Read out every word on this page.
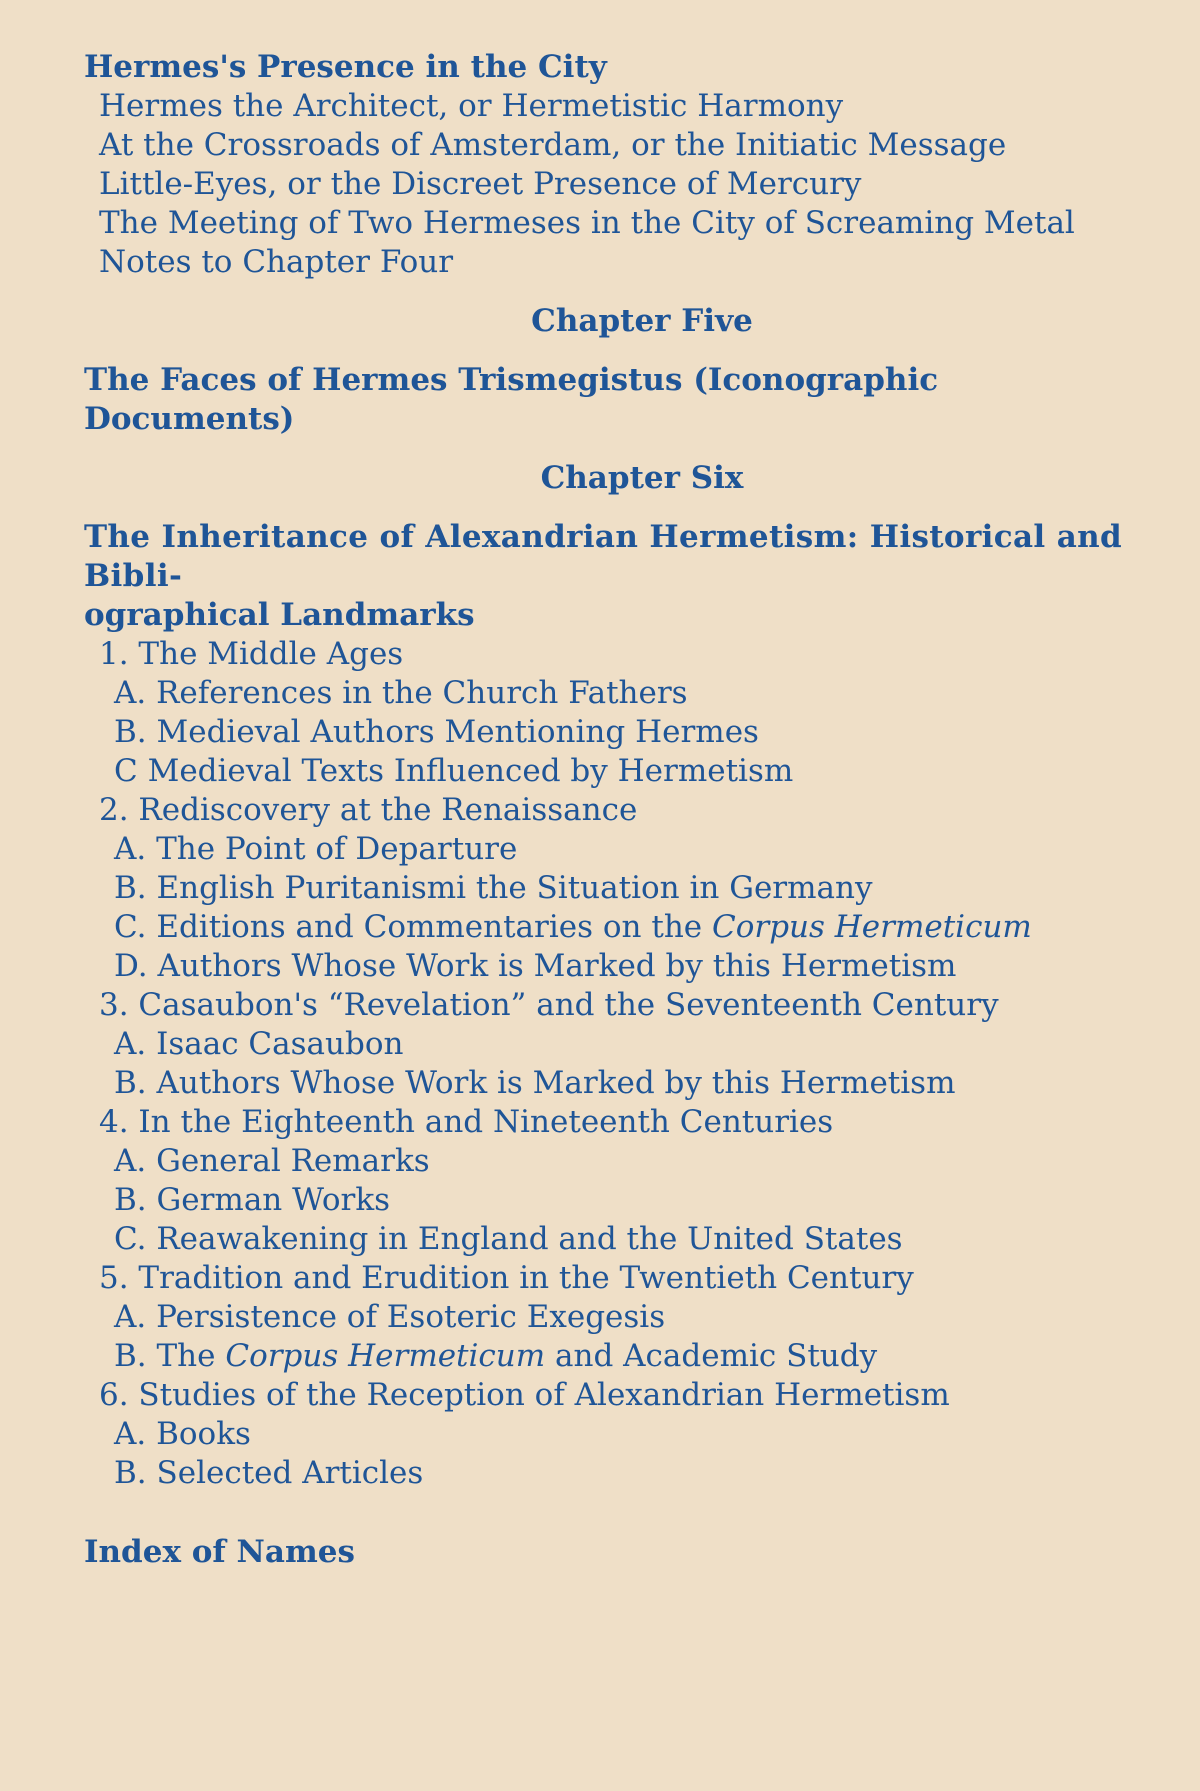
Hermes's Presence in the City
Hermes the Architect, or Hermetistic Harmony
At the Crossroads of Amsterdam, or the Initiatic Message
Little-Eyes, or the Discreet Presence of Mercury
The Meeting of Two Hermeses in the City of Screaming Metal
Notes to Chapter Four
Chapter Five
The Faces of Hermes Trismegistus (Iconographic Documents)
Chapter Six
The Inheritance of Alexandrian Hermetism: Historical and Bibli-
ographical Landmarks
1. The Middle Ages
A. References in the Church Fathers
B. Medieval Authors Mentioning Hermes
C Medieval Texts Influenced by Hermetism
2. Rediscovery at the Renaissance
A. The Point of Departure
B. English Puritanismi the Situation in Germany
C. Editions and Commentaries on the Corpus Hermeticum
D. Authors Whose Work is Marked by this Hermetism
3. Casaubon's “Revelation” and the Seventeenth Century
A. Isaac Casaubon
B. Authors Whose Work is Marked by this Hermetism
4. In the Eighteenth and Nineteenth Centuries
A. General Remarks
B. German Works
C. Reawakening in England and the United States
5. Tradition and Erudition in the Twentieth Century
A. Persistence of Esoteric Exegesis
B. The Corpus Hermeticum and Academic Study
6. Studies of the Reception of Alexandrian Hermetism
A. Books
B. Selected Articles
Index of Names
